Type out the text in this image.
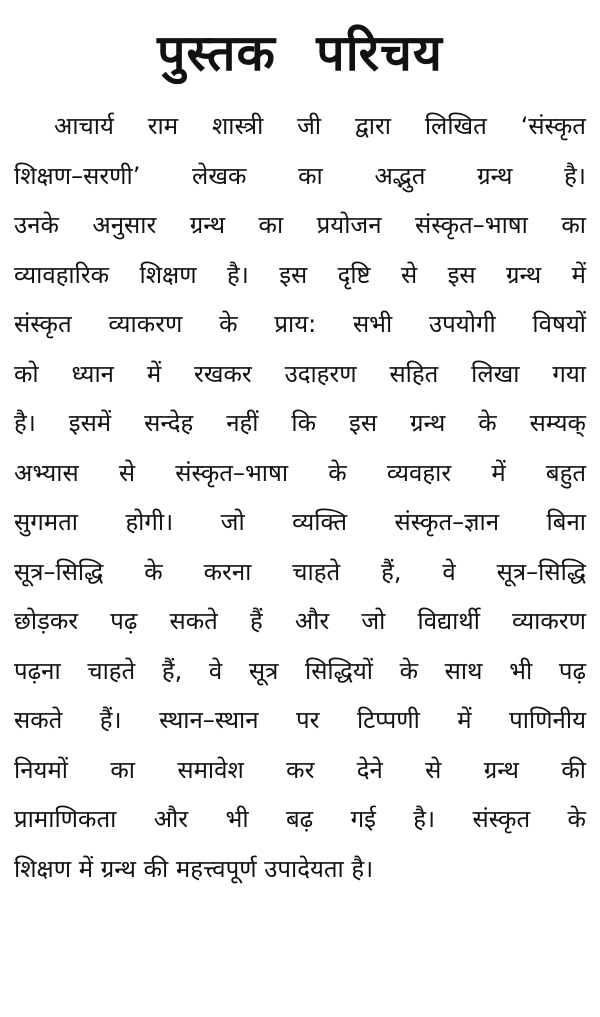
पुस्तक परिचय
आचार्य राम शास्त्री जी द्वारा लिखित ‘संस्कृत
शिक्षण–सरणी’ लेखक का अद्भुत ग्रन्थ है।
उनके अनुसार ग्रन्थ का प्रयोजन संस्कृत–भाषा का
व्यावहारिक शिक्षण है। इस दृष्टि से इस ग्रन्थ में
संस्कृत व्याकरण के प्राय: सभी उपयोगी विषयों
को ध्यान में रखकर उदाहरण सहित लिखा गया
है। इसमें सन्देह नहीं कि इस ग्रन्थ के सम्यक्
अभ्यास से संस्कृत–भाषा के व्यवहार में बहुत
सुगमता होगी। जो व्यक्ति संस्कृत–ज्ञान बिना
सूत्र–सिद्धि के करना चाहते हैं, वे सूत्र–सिद्धि
छोड़कर पढ़ सकते हैं और जो विद्यार्थी व्याकरण
पढ़ना चाहते हैं, वे सूत्र सिद्धियों के साथ भी पढ़
सकते हैं। स्थान–स्थान पर टिप्पणी में पाणिनीय
नियमों का समावेश कर देने से ग्रन्थ की
प्रामाणिकता और भी बढ़ गई है। संस्कृत के
शिक्षण में ग्रन्थ की महत्त्वपूर्ण उपादेयता है।
